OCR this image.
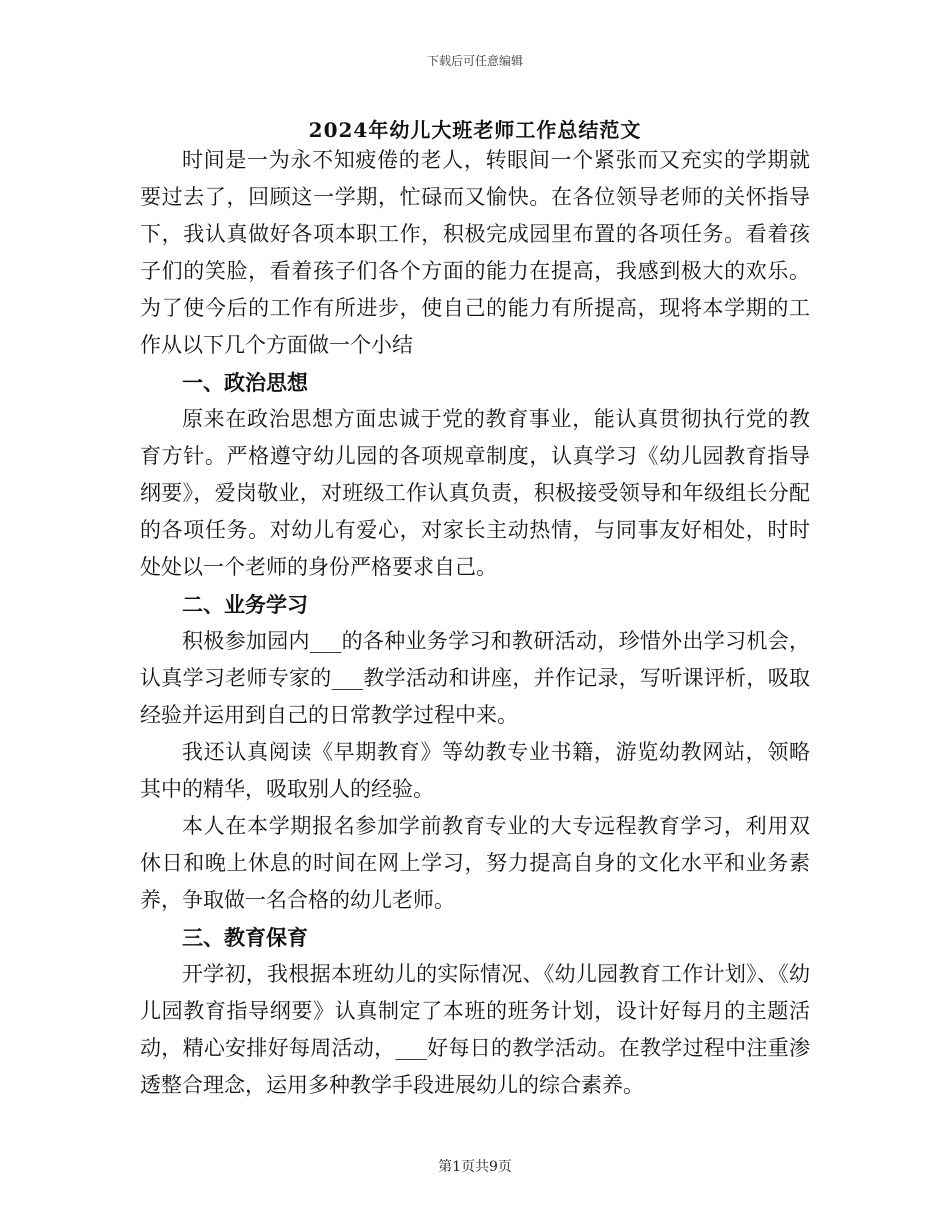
下载后可任意编辑
2024年幼儿大班老师工作总结范文

时间是一为永不知疲倦的老人，转眼间一个紧张而又充实的学期就要过去了，回顾这一学期，忙碌而又愉快。在各位领导老师的关怀指导下，我认真做好各项本职工作，积极完成园里布置的各项任务。看着孩子们的笑脸，看着孩子们各个方面的能力在提高，我感到极大的欢乐。为了使今后的工作有所进步，使自己的能力有所提高，现将本学期的工作从以下几个方面做一个小结

一、政治思想

原来在政治思想方面忠诚于党的教育事业，能认真贯彻执行党的教育方针。严格遵守幼儿园的各项规章制度，认真学习《幼儿园教育指导纲要》，爱岗敬业，对班级工作认真负责，积极接受领导和年级组长分配的各项任务。对幼儿有爱心，对家长主动热情，与同事友好相处，时时处处以一个老师的身份严格要求自己。

二、业务学习

积极参加园内___的各种业务学习和教研活动，珍惜外出学习机会，认真学习老师专家的___教学活动和讲座，并作记录，写听课评析，吸取经验并运用到自己的日常教学过程中来。

我还认真阅读《早期教育》等幼教专业书籍，游览幼教网站，领略其中的精华，吸取别人的经验。

本人在本学期报名参加学前教育专业的大专远程教育学习，利用双休日和晚上休息的时间在网上学习，努力提高自身的文化水平和业务素养，争取做一名合格的幼儿老师。

三、教育保育

开学初，我根据本班幼儿的实际情况、《幼儿园教育工作计划》、《幼儿园教育指导纲要》认真制定了本班的班务计划，设计好每月的主题活动，精心安排好每周活动，___好每日的教学活动。在教学过程中注重渗透整合理念，运用多种教学手段进展幼儿的综合素养。

第1页共9页
